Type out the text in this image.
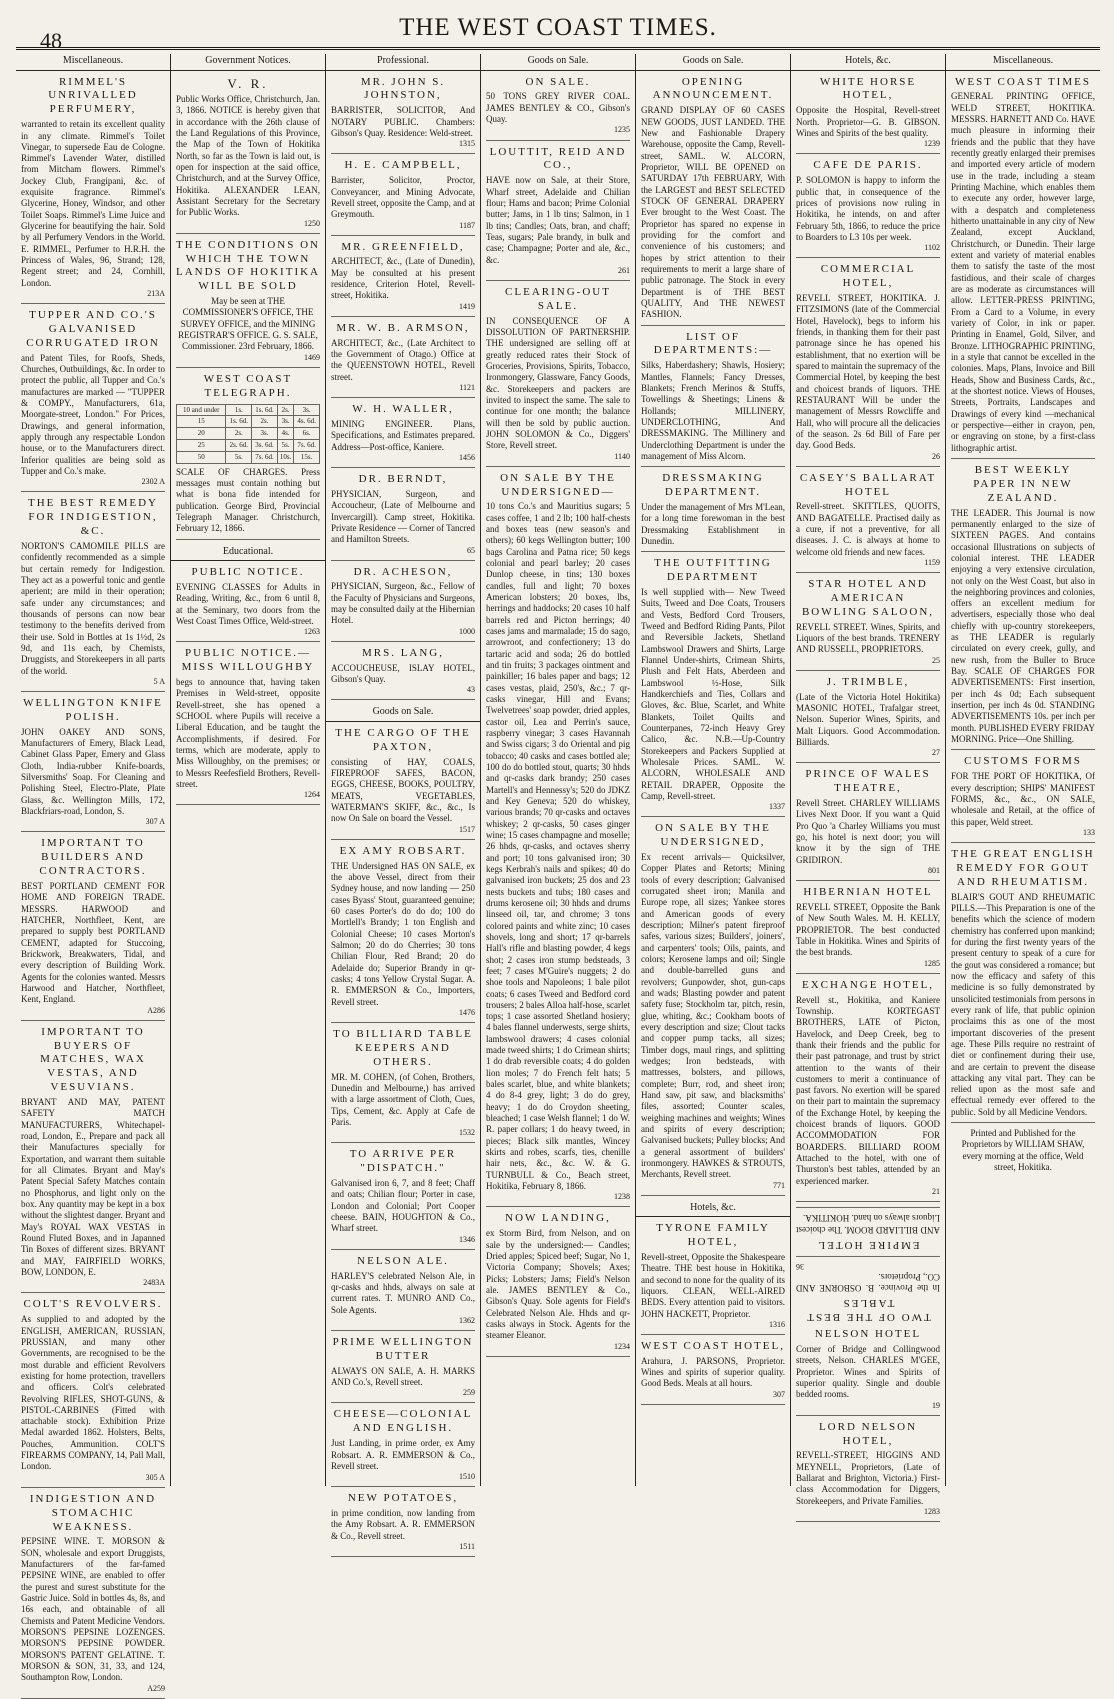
48	THE WEST COAST TIMES.
Miscellaneous.
RIMMEL'S UNRIVALLED PERFUMERY,
warranted to retain its excellent quality in any climate. Rimmel's Toilet Vinegar, to supersede Eau de Cologne. Rimmel's Lavender Water, distilled from Mitcham flowers. Rimmel's Jockey Club, Frangipani, &c. of exquisite fragrance. Rimmel's Glycerine, Honey, Windsor, and other Toilet Soaps. Rimmel's Lime Juice and Glycerine for beautifying the hair. Sold by all Perfumery Vendors in the World. E. RIMMEL, Perfumer to H.R.H. the Princess of Wales, 96, Strand; 128, Regent street; and 24, Cornhill, London.
213A
TUPPER AND CO.'S GALVANISED CORRUGATED IRON
and Patent Tiles, for Roofs, Sheds, Churches, Outbuildings, &c. In order to protect the public, all Tupper and Co.'s manufactures are marked — "TUPPER & COMPY., Manufacturers, 61a, Moorgate-street, London." For Prices, Drawings, and general information, apply through any respectable London house, or to the Manufacturers direct. Inferior qualities are being sold as Tupper and Co.'s make.
2302 A
THE BEST REMEDY FOR INDIGESTION, &C.
NORTON'S CAMOMILE PILLS are confidently recommended as a simple but certain remedy for Indigestion. They act as a powerful tonic and gentle aperient; are mild in their operation; safe under any circumstances; and thousands of persons can now bear testimony to the benefits derived from their use. Sold in Bottles at 1s 1½d, 2s 9d, and 11s each, by Chemists, Druggists, and Storekeepers in all parts of the world.
5 A
WELLINGTON KNIFE POLISH.
JOHN OAKEY AND SONS, Manufacturers of Emery, Black Lead, Cabinet Glass Paper, Emery and Glass Cloth, India-rubber Knife-boards, Silversmiths' Soap. For Cleaning and Polishing Steel, Electro-Plate, Plate Glass, &c. Wellington Mills, 172, Blackfriars-road, London, S.
307 A
IMPORTANT TO BUILDERS AND CONTRACTORS.
BEST PORTLAND CEMENT FOR HOME AND FOREIGN TRADE. MESSRS. HARWOOD and HATCHER, Northfleet, Kent, are prepared to supply best PORTLAND CEMENT, adapted for Stuccoing, Brickwork, Breakwaters, Tidal, and every description of Building Work. Agents for the colonies wanted. Messrs Harwood and Hatcher, Northfleet, Kent, England.
A286
IMPORTANT TO BUYERS OF MATCHES, WAX VESTAS, AND VESUVIANS.
BRYANT AND MAY, PATENT SAFETY MATCH MANUFACTURERS, Whitechapel-road, London, E., Prepare and pack all their Manufactures specially for Exportation, and warrant them suitable for all Climates. Bryant and May's Patent Special Safety Matches contain no Phosphorus, and light only on the box. Any quantity may be kept in a box without the slightest danger. Bryant and May's ROYAL WAX VESTAS in Round Fluted Boxes, and in Japanned Tin Boxes of different sizes. BRYANT and MAY, FAIRFIELD WORKS, BOW, LONDON, E.
2483A
COLT'S REVOLVERS.
As supplied to and adopted by the ENGLISH, AMERICAN, RUSSIAN, PRUSSIAN, and many other Governments, are recognised to be the most durable and efficient Revolvers existing for home protection, travellers and officers. Colt's celebrated Revolving RIFLES, SHOT-GUNS, & PISTOL-CARBINES (Fitted with attachable stock). Exhibition Prize Medal awarded 1862. Holsters, Belts, Pouches, Ammunition. COLT'S FIREARMS COMPANY, 14, Pall Mall, London.
305 A
INDIGESTION AND STOMACHIC WEAKNESS.
PEPSINE WINE. T. MORSON & SON, wholesale and export Druggists, Manufacturers of the far-famed PEPSINE WINE, are enabled to offer the purest and surest substitute for the Gastric Juice. Sold in bottles 4s, 8s, and 16s each, and obtainable of all Chemists and Patent Medicine Vendors. MORSON'S PEPSINE LOZENGES. MORSON'S PEPSINE POWDER. MORSON'S PATENT GELATINE. T. MORSON & SON, 31, 33, and 124, Southampton Row, London.
A259
Government Notices.
V. R.
Public Works Office, Christchurch, Jan. 3, 1866. NOTICE is hereby given that in accordance with the 26th clause of the Land Regulations of this Province, the Map of the Town of Hokitika North, so far as the Town is laid out, is open for inspection at the said office, Christchurch, and at the Survey Office, Hokitika. ALEXANDER LEAN, Assistant Secretary for the Secretary for Public Works.
1250
THE CONDITIONS ON WHICH THE TOWN LANDS OF HOKITIKA WILL BE SOLD
May be seen at THE COMMISSIONER'S OFFICE, THE SURVEY OFFICE, and the MINING REGISTRAR'S OFFICE. G. S. SALE, Commissioner. 23rd February, 1866.
1469
WEST COAST TELEGRAPH.
10 and under	1s.	1s. 6d.	2s.	3s.
15	1s. 6d.	2s.	3s.	4s. 6d.
20	2s.	3s.	4s.	6s.
25	2s. 6d.	3s. 6d.	5s.	7s. 6d.
50	5s.	7s. 6d.	10s.	15s.
SCALE OF CHARGES. Press messages must contain nothing but what is bona fide intended for publication. George Bird, Provincial Telegraph Manager. Christchurch, February 12, 1866.
Educational.
PUBLIC NOTICE.
EVENING CLASSES for Adults in Reading, Writing, &c., from 6 until 8, at the Seminary, two doors from the West Coast Times Office, Weld-street.
1263
PUBLIC NOTICE.—MISS WILLOUGHBY
begs to announce that, having taken Premises in Weld-street, opposite Revell-street, she has opened a SCHOOL where Pupils will receive a Liberal Education, and be taught the Accomplishments, if desired. For terms, which are moderate, apply to Miss Willoughby, on the premises; or to Messrs Reefesfield Brothers, Revell-street.
1264
Professional.
MR. JOHN S. JOHNSTON,
BARRISTER, SOLICITOR, And NOTARY PUBLIC. Chambers: Gibson's Quay. Residence: Weld-street.
1315
H. E. CAMPBELL,
Barrister, Solicitor, Proctor, Conveyancer, and Mining Advocate, Revell street, opposite the Camp, and at Greymouth.
1187
MR. GREENFIELD,
ARCHITECT, &c., (Late of Dunedin), May be consulted at his present residence, Criterion Hotel, Revell-street, Hokitika.
1419
MR. W. B. ARMSON,
ARCHITECT, &c., (Late Architect to the Government of Otago.) Office at the QUEENSTOWN HOTEL, Revell street.
1121
W. H. WALLER,
MINING ENGINEER. Plans, Specifications, and Estimates prepared. Address—Post-office, Kaniere.
1456
DR. BERNDT,
PHYSICIAN, Surgeon, and Accoucheur, (Late of Melbourne and Invercargill). Camp street, Hokitika. Private Residence — Corner of Tancred and Hamilton Streets.
65
DR. ACHESON,
PHYSICIAN, Surgeon, &c., Fellow of the Faculty of Physicians and Surgeons, may be consulted daily at the Hibernian Hotel.
1000
MRS. LANG,
ACCOUCHEUSE, ISLAY HOTEL, Gibson's Quay.
43
Goods on Sale.
THE CARGO OF THE PAXTON,
consisting of HAY, COALS, FIREPROOF SAFES, BACON, EGGS, CHEESE, BOOKS, POULTRY, MEATS, VEGETABLES, WATERMAN'S SKIFF, &c., &c., Is now On Sale on board the Vessel.
1517
EX AMY ROBSART.
THE Undersigned HAS ON SALE, ex the above Vessel, direct from their Sydney house, and now landing — 250 cases Byass' Stout, guaranteed genuine; 60 cases Porter's do do do; 100 do Mortlell's Brandy; 1 ton English and Colonial Cheese; 10 cases Morton's Salmon; 20 do do Cherries; 30 tons Chilian Flour, Red Brand; 20 do Adelaide do; Superior Brandy in qr-casks; 4 tons Yellow Crystal Sugar. A. R. EMMERSON & Co., Importers, Revell street.
1476
TO BILLIARD TABLE KEEPERS AND OTHERS.
MR. M. COHEN, (of Cohen, Brothers, Dunedin and Melbourne,) has arrived with a large assortment of Cloth, Cues, Tips, Cement, &c. Apply at Cafe de Paris.
1532
TO ARRIVE PER "DISPATCH."
Galvanised iron 6, 7, and 8 feet; Chaff and oats; Chilian flour; Porter in case, London and Colonial; Port Cooper cheese. BAIN, HOUGHTON & Co., Wharf street.
1346
NELSON ALE.
HARLEY'S celebrated Nelson Ale, in qr-casks and hhds, always on sale at current rates. T. MUNRO AND Co., Sole Agents.
1362
PRIME WELLINGTON BUTTER
ALWAYS ON SALE, A. H. MARKS AND Co.'s, Revell street.
259
CHEESE—COLONIAL AND ENGLISH.
Just Landing, in prime order, ex Amy Robsart. A. R. EMMERSON & Co., Revell street.
1510
NEW POTATOES,
in prime condition, now landing from the Amy Robsart. A. R. EMMERSON & Co., Revell street.
1511
Goods on Sale.
ON SALE.
50 TONS GREY RIVER COAL. JAMES BENTLEY & CO., Gibson's Quay.
1235
LOUTTIT, REID AND CO.,
HAVE now on Sale, at their Store, Wharf street, Adelaide and Chilian flour; Hams and bacon; Prime Colonial butter; Jams, in 1 lb tins; Salmon, in 1 lb tins; Candles; Oats, bran, and chaff; Teas, sugars; Pale brandy, in bulk and case; Champagne; Porter and ale, &c., &c.
261
CLEARING-OUT SALE.
IN CONSEQUENCE OF A DISSOLUTION OF PARTNERSHIP. THE undersigned are selling off at greatly reduced rates their Stock of Groceries, Provisions, Spirits, Tobacco, Ironmongery, Glassware, Fancy Goods, &c. Storekeepers and packers are invited to inspect the same. The sale to continue for one month; the balance will then be sold by public auction. JOHN SOLOMON & Co., Diggers' Store, Revell street.
1140
ON SALE BY THE UNDERSIGNED—
10 tons Co.'s and Mauritius sugars; 5 cases coffee, 1 and 2 lb; 100 half-chests and boxes teas (new season's and others); 60 kegs Wellington butter; 100 bags Carolina and Patna rice; 50 kegs colonial and pearl barley; 20 cases Dunlop cheese, in tins; 130 boxes candles, full and light; 70 boxes American lobsters; 20 boxes, lbs, herrings and haddocks; 20 cases 10 half barrels red and Picton herrings; 40 cases jams and marmalade; 15 do sago, arrowroot, and confectionery; 13 do tartaric acid and soda; 26 do bottled and tin fruits; 3 packages ointment and painkiller; 16 bales paper and bags; 12 cases vestas, plaid, 250's, &c.; 7 qr-casks vinegar, Hill and Evans; Twelvetrees' soap powder, dried apples, castor oil, Lea and Perrin's sauce, raspberry vinegar; 3 cases Havannah and Swiss cigars; 3 do Oriental and pig tobacco; 40 casks and cases bottled ale; 100 do do bottled stout, quarts; 30 hhds and qr-casks dark brandy; 250 cases Martell's and Hennessy's; 520 do JDKZ and Key Geneva; 520 do whiskey, various brands; 70 qr-casks and octaves whiskey; 2 qr-casks, 50 cases ginger wine; 15 cases champagne and moselle; 26 hhds, qr-casks, and octaves sherry and port; 10 tons galvanised iron; 30 kegs Kerbrah's nails and spikes; 40 do galvanised iron buckets; 25 dos and 23 nests buckets and tubs; 180 cases and drums kerosene oil; 30 hhds and drums linseed oil, tar, and chrome; 3 tons colored paints and white zinc; 10 cases shovels, long and short; 17 qr-barrels Hall's rifle and blasting powder, 4 kegs shot; 2 cases iron stump bedsteads, 3 feet; 7 cases M'Guire's nuggets; 2 do shoe tools and Napoleons; 1 bale pilot coats; 6 cases Tweed and Bedford cord trousers; 2 bales Alloa half-hose, scarlet tops; 1 case assorted Shetland hosiery; 4 bales flannel underwests, serge shirts, lambswool drawers; 4 cases colonial made tweed shirts; 1 do Crimean shirts; 1 do drab reversible coats; 4 do golden lion moles; 7 do French felt hats; 5 bales scarlet, blue, and white blankets; 4 do 8-4 grey, light; 3 do do grey, heavy; 1 do do Croydon sheeting, bleached; 1 case Welsh flannel; 1 do W. R. paper collars; 1 do heavy tweed, in pieces; Black silk mantles, Wincey skirts and robes, scarfs, ties, chenille hair nets, &c., &c. W. & G. TURNBULL & Co., Beach street, Hokitika, February 8, 1866.
1238
NOW LANDING,
ex Storm Bird, from Nelson, and on sale by the undersigned:— Candles; Dried apples; Spiced beef; Sugar, No 1, Victoria Company; Shovels; Axes; Picks; Lobsters; Jams; Field's Nelson ale. JAMES BENTLEY & Co., Gibson's Quay. Sole agents for Field's Celebrated Nelson Ale. Hhds and qr-casks always in Stock. Agents for the steamer Eleanor.
1234
Goods on Sale.
OPENING ANNOUNCEMENT.
GRAND DISPLAY OF 60 CASES NEW GOODS, JUST LANDED. THE New and Fashionable Drapery Warehouse, opposite the Camp, Revell-street, SAML. W. ALCORN, Proprietor, WILL BE OPENED on SATURDAY 17th FEBRUARY, With the LARGEST and BEST SELECTED STOCK OF GENERAL DRAPERY Ever brought to the West Coast. The Proprietor has spared no expense in providing for the comfort and convenience of his customers; and hopes by strict attention to their requirements to merit a large share of public patronage. The Stock in every Department is of THE BEST QUALITY, And THE NEWEST FASHION.
LIST OF DEPARTMENTS:—
Silks, Haberdashery; Shawls, Hosiery; Mantles, Flannels; Fancy Dresses, Blankets; French Merinos & Stuffs, Towellings & Sheetings; Linens & Hollands; MILLINERY, UNDERCLOTHING, And DRESSMAKING. The Millinery and Underclothing Department is under the management of Miss Alcorn.
DRESSMAKING DEPARTMENT.
Under the management of Mrs M'Lean, for a long time forewoman in the best Dressmaking Establishment in Dunedin.
THE OUTFITTING DEPARTMENT
Is well supplied with— New Tweed Suits, Tweed and Doe Coats, Trousers and Vests, Bedford Cord Trousers, Tweed and Bedford Riding Pants, Pilot and Reversible Jackets, Shetland Lambswool Drawers and Shirts, Large Flannel Under-shirts, Crimean Shirts, Plush and Felt Hats, Aberdeen and Lambswool ½-Hose, Silk Handkerchiefs and Ties, Collars and Gloves, &c. Blue, Scarlet, and White Blankets, Toilet Quilts and Counterpanes, 72-inch Heavy Grey Calico, &c. N.B.—Up-Country Storekeepers and Packers Supplied at Wholesale Prices. SAML. W. ALCORN, WHOLESALE AND RETAIL DRAPER, Opposite the Camp, Revell-street.
1337
ON SALE BY THE UNDERSIGNED,
Ex recent arrivals— Quicksilver, Copper Plates and Retorts; Mining tools of every description; Galvanised corrugated sheet iron; Manila and Europe rope, all sizes; Yankee stores and American goods of every description; Milner's patent fireproof safes, various sizes; Builders', joiners', and carpenters' tools; Oils, paints, and colors; Kerosene lamps and oil; Single and double-barrelled guns and revolvers; Gunpowder, shot, gun-caps and wads; Blasting powder and patent safety fuse; Stockholm tar, pitch, resin, glue, whiting, &c.; Cookham boots of every description and size; Clout tacks and copper pump tacks, all sizes; Timber dogs, maul rings, and splitting wedges; Iron bedsteads, with mattresses, bolsters, and pillows, complete; Burr, rod, and sheet iron; Hand saw, pit saw, and blacksmiths' files, assorted; Counter scales, weighing machines and weights; Wines and spirits of every description; Galvanised buckets; Pulley blocks; And a general assortment of builders' ironmongery. HAWKES & STROUTS, Merchants, Revell street.
771
Hotels, &c.
TYRONE FAMILY HOTEL,
Revell-street, Opposite the Shakespeare Theatre. THE best house in Hokitika, and second to none for the quality of its liquors. CLEAN, WELL-AIRED BEDS. Every attention paid to visitors. JOHN HACKETT, Proprietor.
1316
WEST COAST HOTEL,
Arahura, J. PARSONS, Proprietor. Wines and spirits of superior quality. Good Beds. Meals at all hours.
307
Hotels, &c.
WHITE HORSE HOTEL,
Opposite the Hospital, Revell-street North. Proprietor—G. B. GIBSON. Wines and Spirits of the best quality.
1239
CAFE DE PARIS.
P. SOLOMON is happy to inform the public that, in consequence of the prices of provisions now ruling in Hokitika, he intends, on and after February 5th, 1866, to reduce the price to Boarders to L3 10s per week.
1102
COMMERCIAL HOTEL,
REVELL STREET, HOKITIKA. J. FITZSIMONS (late of the Commercial Hotel, Havelock), begs to inform his friends, in thanking them for their past patronage since he has opened his establishment, that no exertion will be spared to maintain the supremacy of the Commercial Hotel, by keeping the best and choicest brands of liquors. THE RESTAURANT Will be under the management of Messrs Rowcliffe and Hall, who will procure all the delicacies of the season. 2s 6d Bill of Fare per day. Good Beds.
26
CASEY'S BALLARAT HOTEL
Revell-street. SKITTLES, QUOITS, AND BAGATELLE. Practised daily as a cure, if not a preventive, for all diseases. J. C. is always at home to welcome old friends and new faces.
1159
STAR HOTEL AND AMERICAN BOWLING SALOON,
REVELL STREET. Wines, Spirits, and Liquors of the best brands. TRENERY AND RUSSELL, PROPRIETORS.
25
J. TRIMBLE,
(Late of the Victoria Hotel Hokitika) MASONIC HOTEL, Trafalgar street, Nelson. Superior Wines, Spirits, and Malt Liquors. Good Accommodation. Billiards.
27
PRINCE OF WALES THEATRE,
Revell Street. CHARLEY WILLIAMS Lives Next Door. If you want a Quid Pro Quo 'a Charley Williams you must go, his hotel is next door; you will know it by the sign of THE GRIDIRON.
801
HIBERNIAN HOTEL
REVELL STREET, Opposite the Bank of New South Wales. M. H. KELLY, PROPRIETOR. The best conducted Table in Hokitika. Wines and Spirits of the best brands.
1285
EXCHANGE HOTEL,
Revell st., Hokitika, and Kaniere Township. KORTEGAST BROTHERS, LATE of Picton, Havelock, and Deep Creek, beg to thank their friends and the public for their past patronage, and trust by strict attention to the wants of their customers to merit a continuance of past favors. No exertion will be spared on their part to maintain the supremacy of the Exchange Hotel, by keeping the choicest brands of liquors. GOOD ACCOMMODATION FOR BOARDERS. BILLIARD ROOM Attached to the hotel, with one of Thurston's best tables, attended by an experienced marker.
21
TWO OF THE BEST TABLES
In the Province. B. OSBORNE AND CO., Proprietors.
36
EMPIRE HOTEL
AND BILLIARD ROOM. The choicest Liquors always on hand. HOKITIKA.
NELSON HOTEL
Corner of Bridge and Collingwood streets, Nelson. CHARLES M'GEE, Proprietor. Wines and Spirits of superior quality. Single and double bedded rooms.
19
LORD NELSON HOTEL,
REVELL-STREET, HIGGINS AND MEYNELL, Proprietors, (Late of Ballarat and Brighton, Victoria.) First-class Accommodation for Diggers, Storekeepers, and Private Families.
1283
Miscellaneous.
WEST COAST TIMES
GENERAL PRINTING OFFICE, WELD STREET, HOKITIKA. MESSRS. HARNETT AND Co. HAVE much pleasure in informing their friends and the public that they have recently greatly enlarged their premises and imported every article of modern use in the trade, including a steam Printing Machine, which enables them to execute any order, however large, with a despatch and completeness hitherto unattainable in any city of New Zealand, except Auckland, Christchurch, or Dunedin. Their large extent and variety of material enables them to satisfy the taste of the most fastidious, and their scale of charges are as moderate as circumstances will allow. LETTER-PRESS PRINTING, From a Card to a Volume, in every variety of Color, in ink or paper. Printing in Enamel, Gold, Silver, and Bronze. LITHOGRAPHIC PRINTING, in a style that cannot be excelled in the colonies. Maps, Plans, Invoice and Bill Heads, Show and Business Cards, &c., at the shortest notice. Views of Houses, Streets, Portraits, Landscapes and Drawings of every kind —mechanical or perspective—either in crayon, pen, or engraving on stone, by a first-class lithographic artist.
BEST WEEKLY PAPER IN NEW ZEALAND.
THE LEADER. This Journal is now permanently enlarged to the size of SIXTEEN PAGES. And contains occasional Illustrations on subjects of colonial interest. THE LEADER enjoying a very extensive circulation, not only on the West Coast, but also in the neighboring provinces and colonies, offers an excellent medium for advertisers, especially those who deal chiefly with up-country storekeepers, as THE LEADER is regularly circulated on every creek, gully, and new rush, from the Buller to Bruce Bay. SCALE OF CHARGES FOR ADVERTISEMENTS: First insertion, per inch 4s 0d; Each subsequent insertion, per inch 4s 0d. STANDING ADVERTISEMENTS 10s. per inch per month. PUBLISHED EVERY FRIDAY MORNING. Price—One Shilling.
CUSTOMS FORMS
FOR THE PORT OF HOKITIKA, Of every description; SHIPS' MANIFEST FORMS, &c., &c., ON SALE, wholesale and Retail, at the office of this paper, Weld street.
133
THE GREAT ENGLISH REMEDY FOR GOUT AND RHEUMATISM.
BLAIR'S GOUT AND RHEUMATIC PILLS.—This Preparation is one of the benefits which the science of modern chemistry has conferred upon mankind; for during the first twenty years of the present century to speak of a cure for the gout was considered a romance; but now the efficacy and safety of this medicine is so fully demonstrated by unsolicited testimonials from persons in every rank of life, that public opinion proclaims this as one of the most important discoveries of the present age. These Pills require no restraint of diet or confinement during their use, and are certain to prevent the disease attacking any vital part. They can be relied upon as the most safe and effectual remedy ever offered to the public. Sold by all Medicine Vendors.
Printed and Published for the Proprietors by WILLIAM SHAW, every morning at the office, Weld street, Hokitika.
